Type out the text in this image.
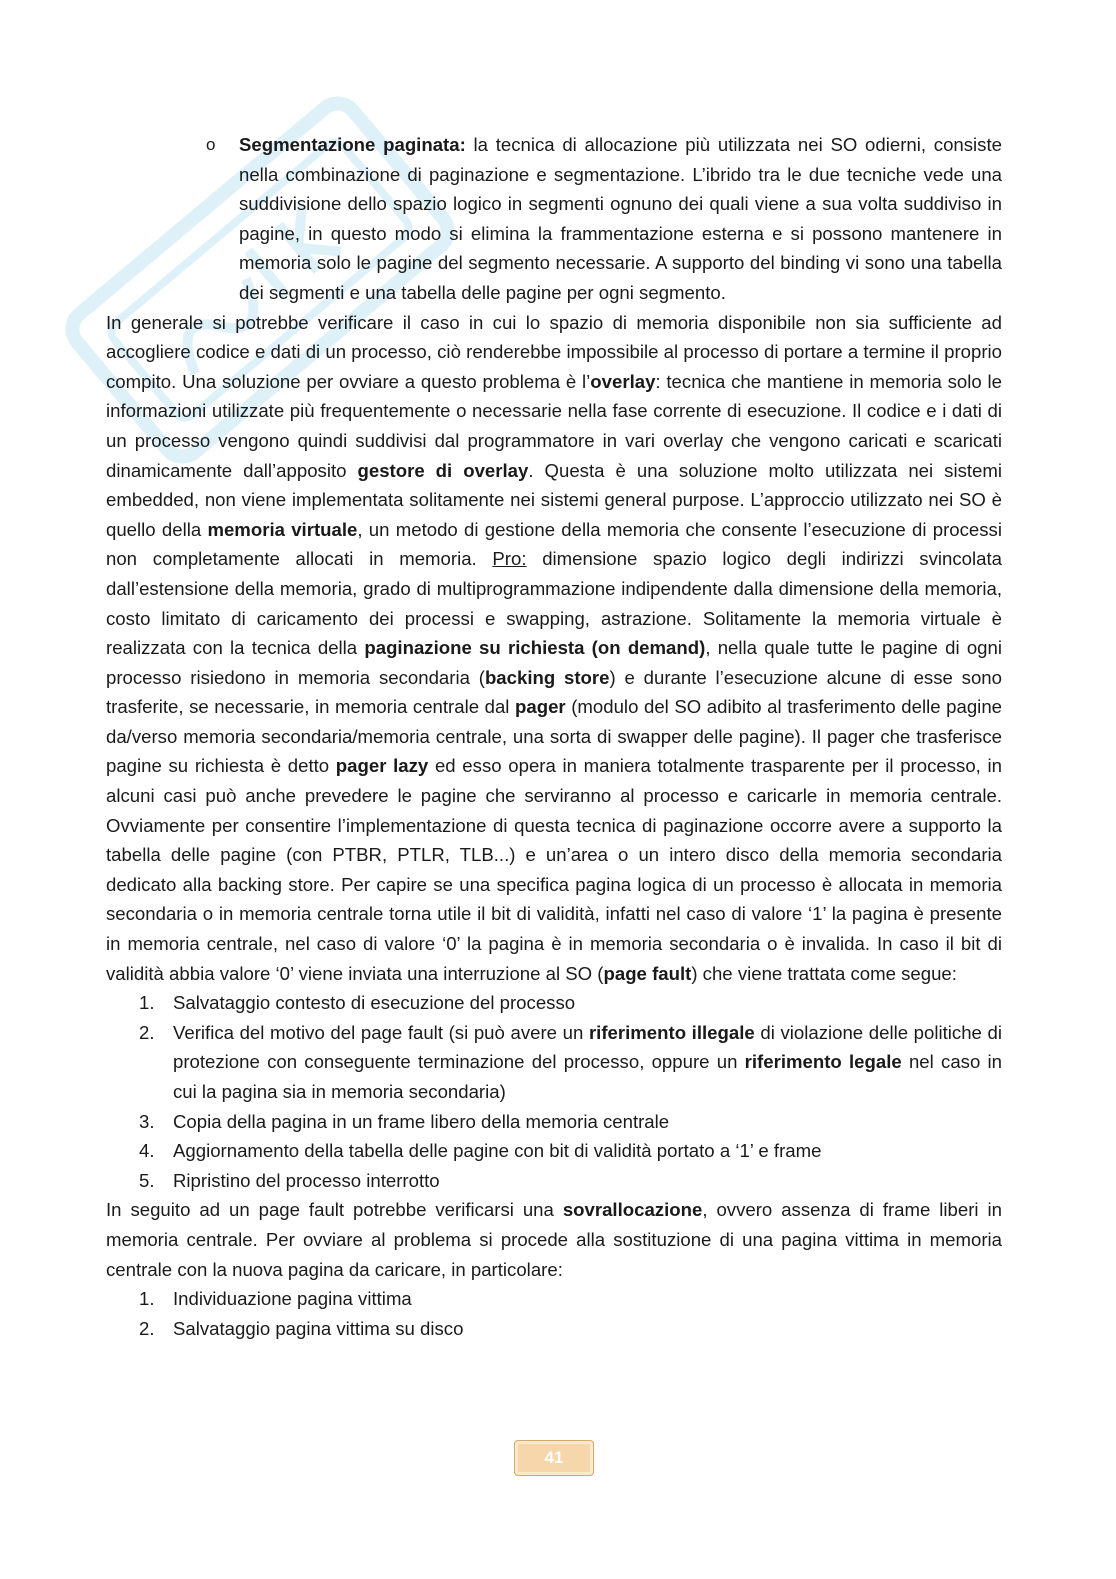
o Segmentazione paginata: la tecnica di allocazione più utilizzata nei SO odierni, consiste nella combinazione di paginazione e segmentazione. L’ibrido tra le due tecniche vede una suddivisione dello spazio logico in segmenti ognuno dei quali viene a sua volta suddiviso in pagine, in questo modo si elimina la frammentazione esterna e si possono mantenere in memoria solo le pagine del segmento necessarie. A supporto del binding vi sono una tabella dei segmenti e una tabella delle pagine per ogni segmento.

In generale si potrebbe verificare il caso in cui lo spazio di memoria disponibile non sia sufficiente ad accogliere codice e dati di un processo, ciò renderebbe impossibile al processo di portare a termine il proprio compito. Una soluzione per ovviare a questo problema è l’overlay: tecnica che mantiene in memoria solo le informazioni utilizzate più frequentemente o necessarie nella fase corrente di esecuzione. Il codice e i dati di un processo vengono quindi suddivisi dal programmatore in vari overlay che vengono caricati e scaricati dinamicamente dall’apposito gestore di overlay. Questa è una soluzione molto utilizzata nei sistemi embedded, non viene implementata solitamente nei sistemi general purpose. L’approccio utilizzato nei SO è quello della memoria virtuale, un metodo di gestione della memoria che consente l’esecuzione di processi non completamente allocati in memoria. Pro: dimensione spazio logico degli indirizzi svincolata dall’estensione della memoria, grado di multiprogrammazione indipendente dalla dimensione della memoria, costo limitato di caricamento dei processi e swapping, astrazione. Solitamente la memoria virtuale è realizzata con la tecnica della paginazione su richiesta (on demand), nella quale tutte le pagine di ogni processo risiedono in memoria secondaria (backing store) e durante l’esecuzione alcune di esse sono trasferite, se necessarie, in memoria centrale dal pager (modulo del SO adibito al trasferimento delle pagine da/verso memoria secondaria/memoria centrale, una sorta di swapper delle pagine). Il pager che trasferisce pagine su richiesta è detto pager lazy ed esso opera in maniera totalmente trasparente per il processo, in alcuni casi può anche prevedere le pagine che serviranno al processo e caricarle in memoria centrale. Ovviamente per consentire l’implementazione di questa tecnica di paginazione occorre avere a supporto la tabella delle pagine (con PTBR, PTLR, TLB...) e un’area o un intero disco della memoria secondaria dedicato alla backing store. Per capire se una specifica pagina logica di un processo è allocata in memoria secondaria o in memoria centrale torna utile il bit di validità, infatti nel caso di valore ‘1’ la pagina è presente in memoria centrale, nel caso di valore ‘0’ la pagina è in memoria secondaria o è invalida. In caso il bit di validità abbia valore ‘0’ viene inviata una interruzione al SO (page fault) che viene trattata come segue:

1. Salvataggio contesto di esecuzione del processo
2. Verifica del motivo del page fault (si può avere un riferimento illegale di violazione delle politiche di protezione con conseguente terminazione del processo, oppure un riferimento legale nel caso in cui la pagina sia in memoria secondaria)
3. Copia della pagina in un frame libero della memoria centrale
4. Aggiornamento della tabella delle pagine con bit di validità portato a ‘1’ e frame
5. Ripristino del processo interrotto

In seguito ad un page fault potrebbe verificarsi una sovrallocazione, ovvero assenza di frame liberi in memoria centrale. Per ovviare al problema si procede alla sostituzione di una pagina vittima in memoria centrale con la nuova pagina da caricare, in particolare:

1. Individuazione pagina vittima
2. Salvataggio pagina vittima su disco
41
